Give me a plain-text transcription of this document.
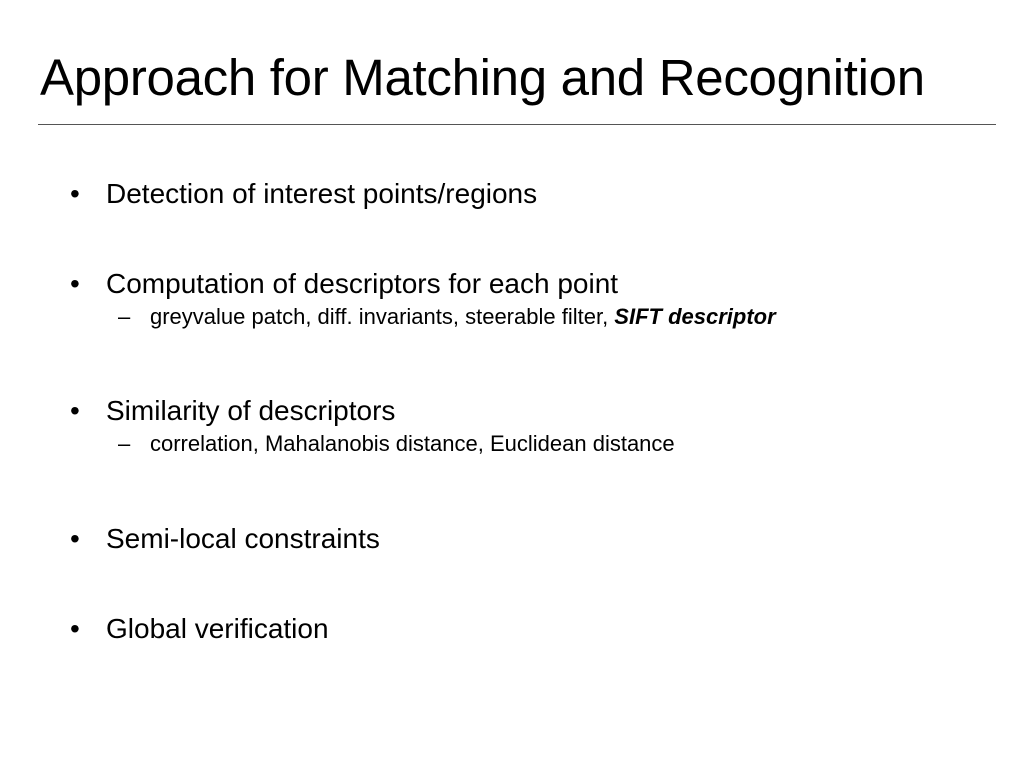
Approach for Matching and Recognition
• Detection of interest points/regions
• Computation of descriptors for each point
– greyvalue patch, diff. invariants, steerable filter, SIFT descriptor
• Similarity of descriptors
– correlation, Mahalanobis distance, Euclidean distance
• Semi-local constraints
• Global verification
